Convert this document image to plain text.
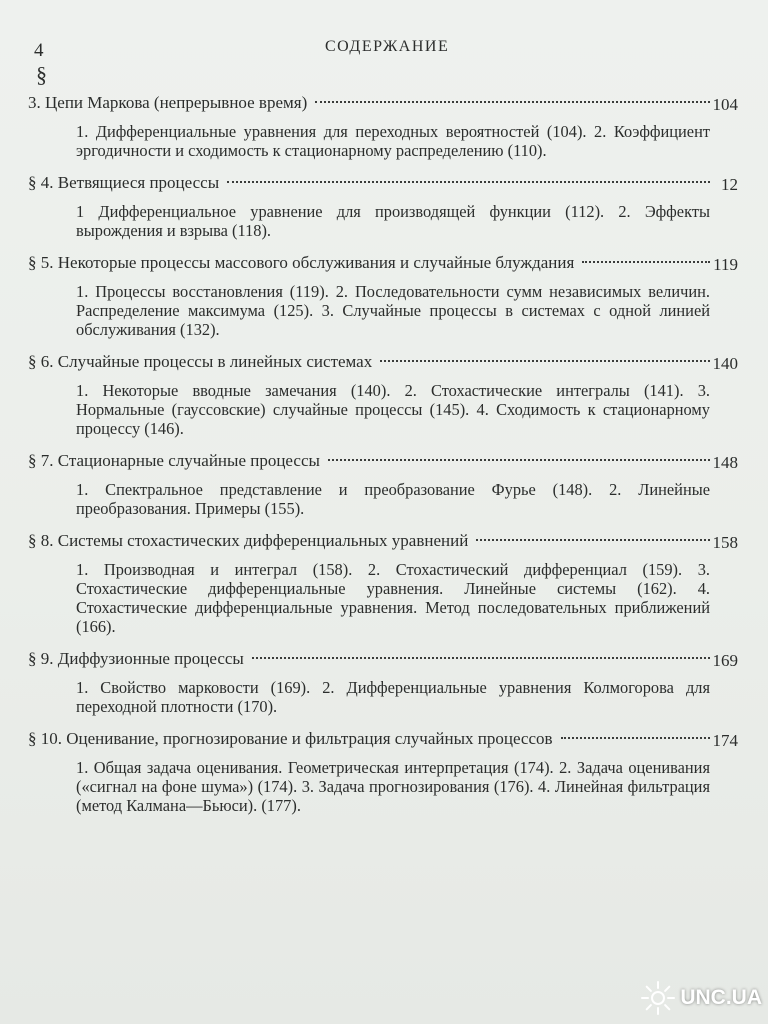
4	СОДЕРЖАНИЕ
§
3. Цепи Маркова (непрерывное время)	104
1. Дифференциальные уравнения для переходных вероятностей (104). 2. Коэффициент эргодичности и сходимость к стационарному распределению (110).
§ 4. Ветвящиеся процессы	12
1 Дифференциальное уравнение для производящей функции (112). 2. Эффекты вырождения и взрыва (118).
§ 5. Некоторые процессы массового обслуживания и случайные блуждания	119
1. Процессы восстановления (119). 2. Последовательности сумм независимых величин. Распределение максимума (125). 3. Случайные процессы в системах с одной линией обслуживания (132).
§ 6. Случайные процессы в линейных системах	140
1. Некоторые вводные замечания (140). 2. Стохастические интегралы (141). 3. Нормальные (гауссовские) случайные процессы (145). 4. Сходимость к стационарному процессу (146).
§ 7. Стационарные случайные процессы	148
1. Спектральное представление и преобразование Фурье (148). 2. Линейные преобразования. Примеры (155).
§ 8. Системы стохастических дифференциальных уравнений	158
1. Производная и интеграл (158). 2. Стохастический дифференциал (159). 3. Стохастические дифференциальные уравнения. Линейные системы (162). 4. Стохастические дифференциальные уравнения. Метод последовательных приближений (166).
§ 9. Диффузионные процессы	169
1. Свойство марковости (169). 2. Дифференциальные уравнения Колмогорова для переходной плотности (170).
§ 10. Оценивание, прогнозирование и фильтрация случайных процессов	174
1. Общая задача оценивания. Геометрическая интерпретация (174). 2. Задача оценивания («сигнал на фоне шума») (174). 3. Задача прогнозирования (176). 4. Линейная фильтрация (метод Калмана—Бьюси). (177).
UNC.UA
